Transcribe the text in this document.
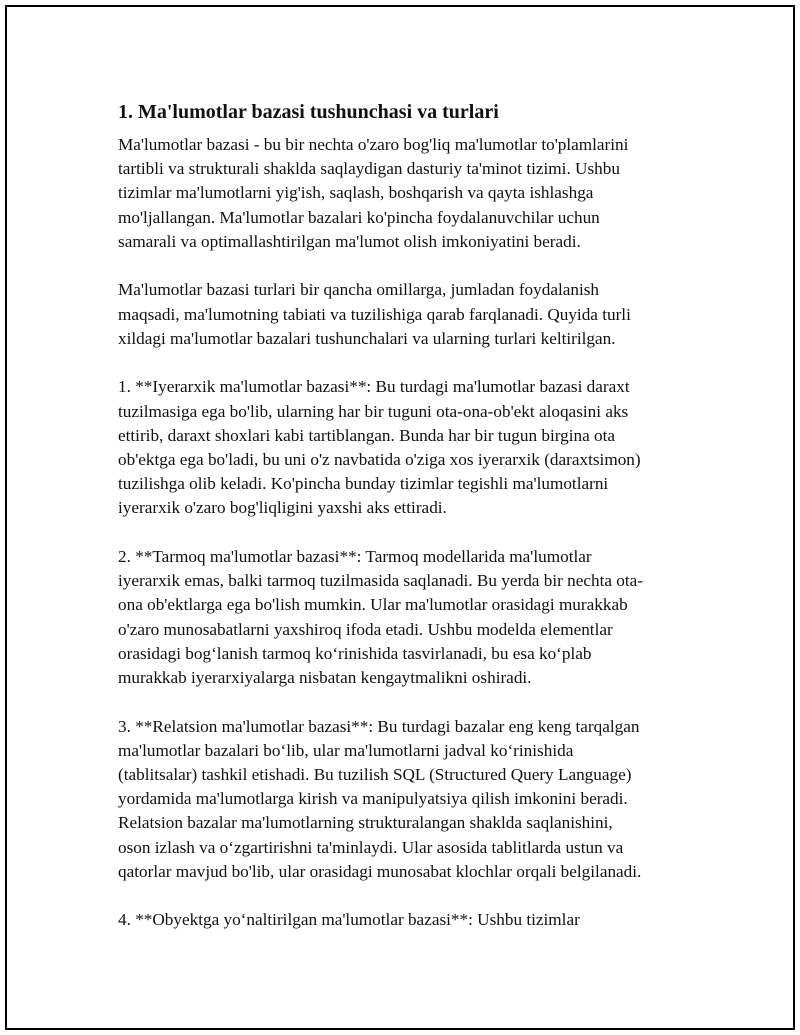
1. Ma'lumotlar bazasi tushunchasi va turlari
Ma'lumotlar bazasi - bu bir nechta o'zaro bog'liq ma'lumotlar to'plamlarini
tartibli va strukturali shaklda saqlaydigan dasturiy ta'minot tizimi. Ushbu
tizimlar ma'lumotlarni yig'ish, saqlash, boshqarish va qayta ishlashga
mo'ljallangan. Ma'lumotlar bazalari ko'pincha foydalanuvchilar uchun
samarali va optimallashtirilgan ma'lumot olish imkoniyatini beradi.
Ma'lumotlar bazasi turlari bir qancha omillarga, jumladan foydalanish
maqsadi, ma'lumotning tabiati va tuzilishiga qarab farqlanadi. Quyida turli
xildagi ma'lumotlar bazalari tushunchalari va ularning turlari keltirilgan.
1. **Iyerarxik ma'lumotlar bazasi**: Bu turdagi ma'lumotlar bazasi daraxt
tuzilmasiga ega bo'lib, ularning har bir tuguni ota-ona-ob'ekt aloqasini aks
ettirib, daraxt shoxlari kabi tartiblangan. Bunda har bir tugun birgina ota
ob'ektga ega bo'ladi, bu uni o'z navbatida o'ziga xos iyerarxik (daraxtsimon)
tuzilishga olib keladi. Ko'pincha bunday tizimlar tegishli ma'lumotlarni
iyerarxik o'zaro bog'liqligini yaxshi aks ettiradi.
2. **Tarmoq ma'lumotlar bazasi**: Tarmoq modellarida ma'lumotlar
iyerarxik emas, balki tarmoq tuzilmasida saqlanadi. Bu yerda bir nechta ota-
ona ob'ektlarga ega bo'lish mumkin. Ular ma'lumotlar orasidagi murakkab
o'zaro munosabatlarni yaxshiroq ifoda etadi. Ushbu modelda elementlar
orasidagi bog‘lanish tarmoq ko‘rinishida tasvirlanadi, bu esa ko‘plab
murakkab iyerarxiyalarga nisbatan kengaytmalikni oshiradi.
3. **Relatsion ma'lumotlar bazasi**: Bu turdagi bazalar eng keng tarqalgan
ma'lumotlar bazalari bo‘lib, ular ma'lumotlarni jadval ko‘rinishida
(tablitsalar) tashkil etishadi. Bu tuzilish SQL (Structured Query Language)
yordamida ma'lumotlarga kirish va manipulyatsiya qilish imkonini beradi.
Relatsion bazalar ma'lumotlarning strukturalangan shaklda saqlanishini,
oson izlash va o‘zgartirishni ta'minlaydi. Ular asosida tablitlarda ustun va
qatorlar mavjud bo'lib, ular orasidagi munosabat klochlar orqali belgilanadi.
4. **Obyektga yo‘naltirilgan ma'lumotlar bazasi**: Ushbu tizimlar
